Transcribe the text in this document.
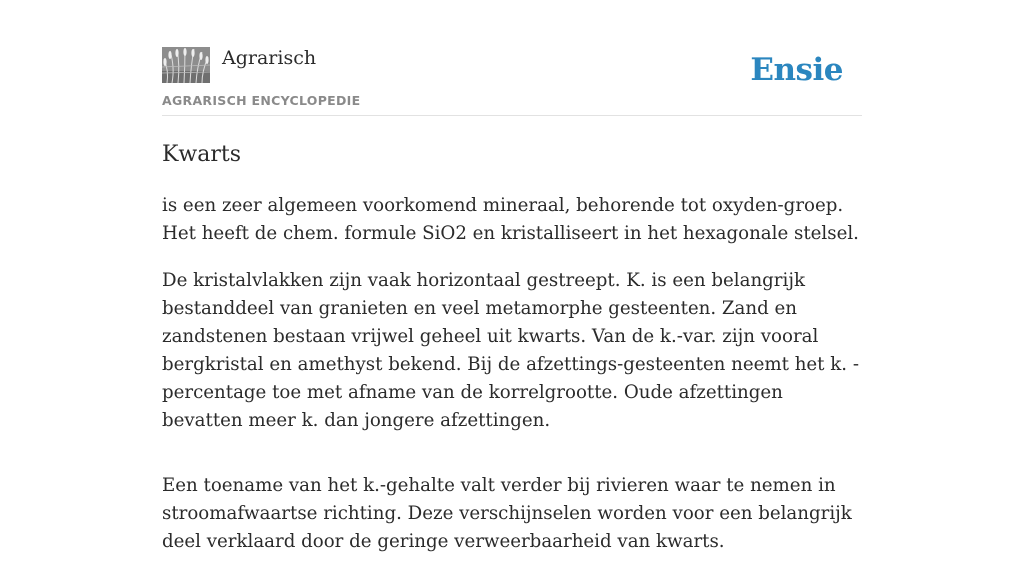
Agrarisch	Ensie
AGRARISCH ENCYCLOPEDIE
Kwarts

is een zeer algemeen voorkomend mineraal, behorende tot oxyden-groep. Het heeft de chem. formule SiO2 en kristalliseert in het hexagonale stelsel.

De kristalvlakken zijn vaak horizontaal gestreept. K. is een belangrijk bestanddeel van granieten en veel metamorphe gesteenten. Zand en zandstenen bestaan vrijwel geheel uit kwarts. Van de k.-var. zijn vooral bergkristal en amethyst bekend. Bij de afzettings-gesteenten neemt het k. -percentage toe met afname van de korrelgrootte. Oude afzettingen bevatten meer k. dan jongere afzettingen.

Een toename van het k.-gehalte valt verder bij rivieren waar te nemen in stroomafwaartse richting. Deze verschijnselen worden voor een belangrijk deel verklaard door de geringe verweerbaarheid van kwarts.
